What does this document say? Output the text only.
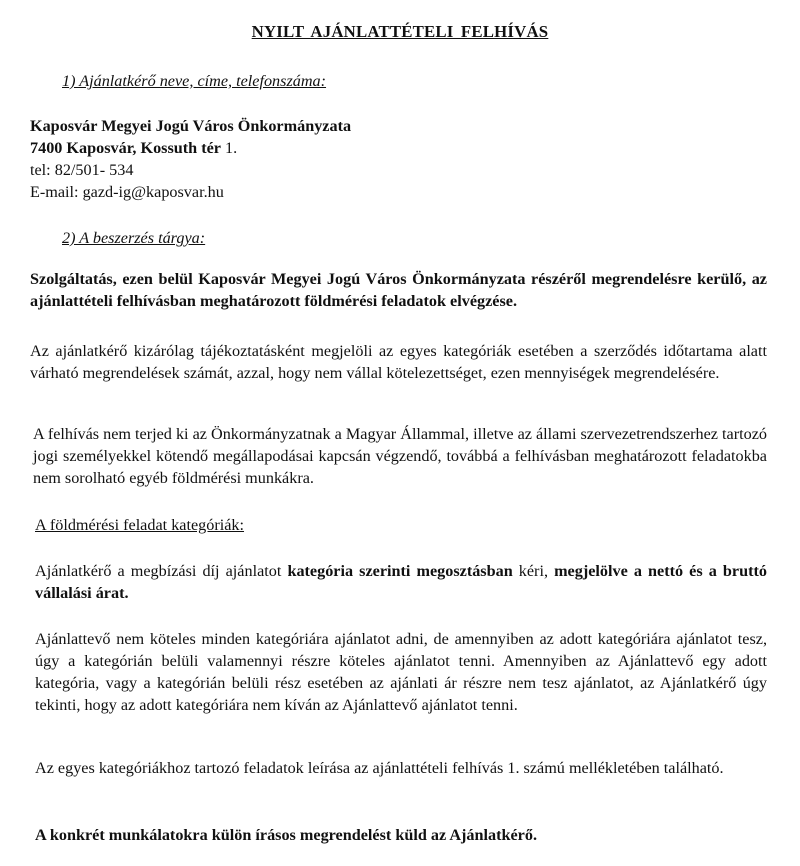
NYILT AJÁNLATTÉTELI FELHÍVÁS
1) Ajánlatkérő neve, címe, telefonszáma:
Kaposvár Megyei Jogú Város Önkormányzata
7400 Kaposvár, Kossuth tér 1.
tel: 82/501- 534
E-mail: gazd-ig@kaposvar.hu
2) A beszerzés tárgya:

Szolgáltatás, ezen belül Kaposvár Megyei Jogú Város Önkormányzata részéről megrendelésre kerülő, az ajánlattételi felhívásban meghatározott földmérési feladatok elvégzése.

Az ajánlatkérő kizárólag tájékoztatásként megjelöli az egyes kategóriák esetében a szerződés időtartama alatt várható megrendelések számát, azzal, hogy nem vállal kötelezettséget, ezen mennyiségek megrendelésére.

A felhívás nem terjed ki az Önkormányzatnak a Magyar Állammal, illetve az állami szervezetrendszerhez tartozó jogi személyekkel kötendő megállapodásai kapcsán végzendő, továbbá a felhívásban meghatározott feladatokba nem sorolható egyéb földmérési munkákra.

A földmérési feladat kategóriák:

Ajánlatkérő a megbízási díj ajánlatot kategória szerinti megosztásban kéri, megjelölve a nettó és a bruttó vállalási árat.

Ajánlattevő nem köteles minden kategóriára ajánlatot adni, de amennyiben az adott kategóriára ajánlatot tesz, úgy a kategórián belüli valamennyi részre köteles ajánlatot tenni. Amennyiben az Ajánlattevő egy adott kategória, vagy a kategórián belüli rész esetében az ajánlati ár részre nem tesz ajánlatot, az Ajánlatkérő úgy tekinti, hogy az adott kategóriára nem kíván az Ajánlattevő ajánlatot tenni.

Az egyes kategóriákhoz tartozó feladatok leírása az ajánlattételi felhívás 1. számú mellékletében található.

A konkrét munkálatokra külön írásos megrendelést küld az Ajánlatkérő.
